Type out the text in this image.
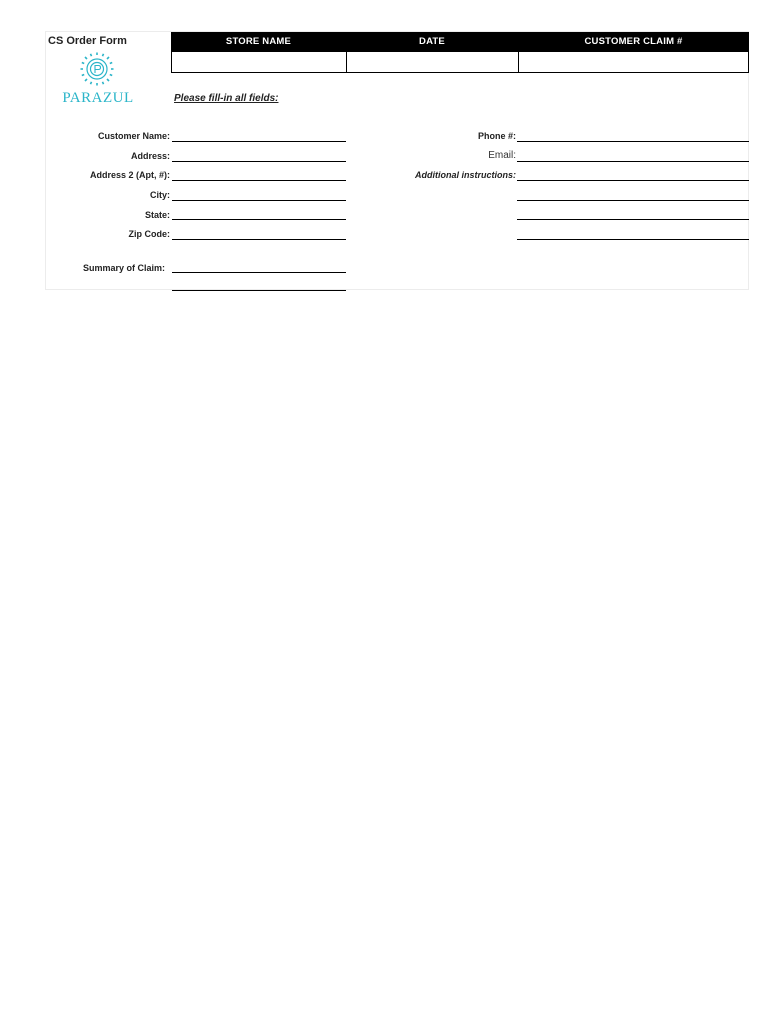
CS Order Form
PARAZUL
STORE NAME	DATE	CUSTOMER CLAIM #
Please fill-in all fields:
Customer Name:
Address:
Address 2 (Apt, #):
City:
State:
Zip Code:
Summary of Claim:
Phone #:
Email:
Additional instructions:
